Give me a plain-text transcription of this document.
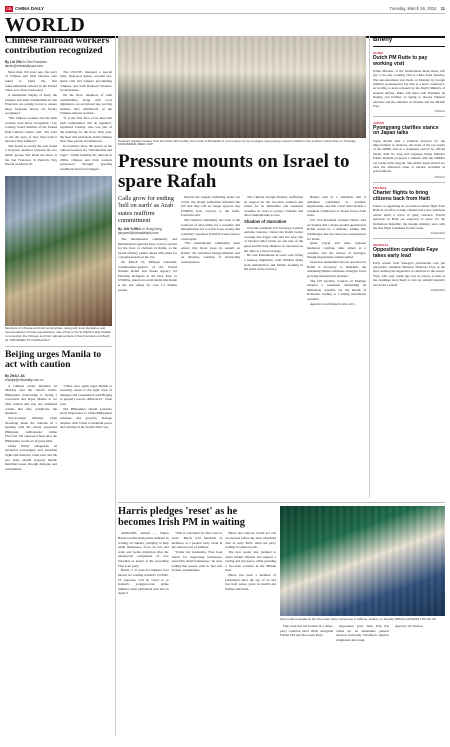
CD CHINA DAILY	Tuesday, March 26, 2024 11
WORLD
Chinese railroad workers' contribution recognized
By LIA ZHU in San Francisco
liazhu@chinadailyusa.com

More than 150 years ago, the story of Chinese and Irish laborers who toiled to build the first transcontinental railroad in the United States was often overlooked.

A remarkable display of unity: the Chinese and Irish communities in San Francisco are joining forces to ensure those forgotten heroes are finally recognized.

"The Chinese workers and the Irish workers were never recognized," Leo Cassidy, board member of the United Irish Cultural Center, said. "We want to tell the story of how they built it and how they suffered."

The dream to rectify the past found a receptive audience between the two ethnic groups that made the show at the San Francisco St Patrick's Day Parade on March 16.

The UICCSF, designed a special train, displayed spikes, wooden ties, metal rails and banners proclaiming 'Chinese and Irish Railroad Workers' in celebration.

On the float, members of both communities, along with local dignitaries, sat on railroad ties, waving bamboo hats reminiscent of the Chinese railroad workers.

"It is the first float of its kind that both communities will do together," explained Cassidy, who was part of the planning for the float. Next year, the float will participate in the Chinese New Year parade in Chinatown.

In Cassidy's view, the stories of the railroad workers are "unbelievable and tragic". While building the railroad in 1860s, Chinese and Irish workers persevered through grueling conditions and faced dangers.

Members of Chinese and Irish communities, along with local dignitaries and representatives of local organizations, ride a float in the St Patrick's Day Parade to remember the Chinese and Irish railroad workers in San Francisco on March 16. PROVIDED TO CHINA DAILY
Beijing urges Manila to act with caution
By ZHAO JIA
zhaojia@chinadaily.com.cn

A Chinese senior diplomat on Monday said the current China-Philippines relationship is facing a crossroads and urged Manila to act with caution and stop any unilateral actions that may complicate the situation.

Vice-Foreign Minister Chen Xiaodong made the remarks in a meeting with the newly appointed Philippine Ambassador Jaime FlorCruz. He expressed hope that the Philippines would act in good faith.

China firmly safeguards its territorial sovereignty and maritime rights and interests, Chen said, and the two sides should properly handle maritime issues through dialogue and consultation.

"China once again urges Manila to earnestly return to the right track of dialogue and consultation with Beijing to properly resolve differences," Chen said.

The Philippines should seriously study importance to China-Philippines relations and properly manage disputes with China to maintain peace and stability in the South China Sea.

Pregnant Ingaben Ismael, their first child, with rooftop, the month of Ramadan in a tent camp run by a refugee camp along a street in Rafah in the southern Gaza Strip on Thursday. MOHAMMED ABED / AFP
Pressure mounts on Israel to spare Rafah
Calls grow for ending 'hell on earth' as Arab states reaffirm commitment
By JAN YUMUL in Hong Kong
janyumul@chinadailyhk.com

The international community and humanitarian agencies have voiced concern for the lives of civilians in Rafah, as the Israeli military pushes ahead with plans for a ground assault on the city.

On March 16, Philippe Lazzarini, commissioner-general of the United Nations Relief and Works Agency for Palestine Refugees in the Near East, or UNRWA, shared on social media that Rafah is the last refuge for over 1.5 million people.

Despite the tragedy unfolding under our watch, the Israeli authorities informed the UN that they will no longer approve any UNRWA food convoys to the north, Lazzarini said.

The Chinese community has been at the forefront of advocating for a ceasefire and humanitarian aid to reach Gaza, noting that a military operation in Rafah would lead to catastrophe.

"The international community must ensure that Israel stops its assault on Rafah," the Jordanian foreign minister said on Monday, warning of devastating consequences.

The Chinese foreign ministry reaffirmed its support for the two-state solution and called for an immediate and sustained ceasefire in Gaza to protect civilians and allow humanitarian access.

Shadow of starvation

Over the weekend, UN Secretary-General Antonio Guterres visited the Rafah border crossing into Egypt and said the long line of blocked relief trucks on one side of the gates and the long shadows of starvation on the other is a moral outrage.

He said Palestinians in Gaza were living a nonstop nightmare, with children dying from malnutrition and famine looming in the north of the territory.

Hamas said in a statement that it remained committed to ceasefire negotiations, and that a deal must include a complete withdrawal of Israeli forces from Gaza.

UN Vice-President Kamala Harris said on Sunday that a major ground operation in Rafah would be a mistake, adding that Washington has not ruled out consequences for Israel.

Qatar, Egypt and other regional mediators continue talks aimed at a ceasefire and the release of hostages, though negotiations remain stalled.

Israel has maintained that its operation in Rafah is necessary to dismantle the remaining Hamas battalions, though it faces growing international pressure.

The UN Security Council on Monday adopted a resolution demanding an immediate ceasefire for the month of Ramadan, leading to a lasting sustainable ceasefire.

Agencies contributed to this story.

Harris pledges 'reset' as he becomes Irish PM in waiting

ATHLONE, Ireland — Simon Harris became Irish prime minister in waiting on Sunday, pledging to help small businesses, focus on law and order and tackle migration after the unexpected resignation of Leo Varadkar as leader of the governing Fine Gael party.

Harris, a 37-year-old minister best known for leading Ireland's COVID-19 response, will be voted in as Ireland's youngest-ever prime minister when parliament next sits on April 9.

"This is a moment for Fine Gael to reset," Harris told hundreds of members at a packed party event in the central town of Athlone.

"Under my leadership, Fine Gael stands for supporting businesses, especially small businesses," he said, adding that people want to feel safe in their communities.

Harris also said he would not call an election before the next scheduled date in early 2025, amid the party trailing in opinion polls.

The new leader also pledged to stand behind Ukraine and support a lasting and just peace, while pursuing a two-state solution in the Middle East.

Harris has been a member of parliament since the age of 24 and has held senior posts in health and further education.

Simon Harris speaks at the Fine Gael party conference in Athlone, Ireland, on Sunday. BRIAN LAWLESS / PA VIA AP

Fine Gael has led Ireland in a three-party coalition since 2020, alongside Fianna Fail and the Green Party.

Opposition party Sinn Fein has called for an immediate general election following Varadkar's surprise resignation last week.

Agencies via Xinhua

Briefly
CHINA
Dutch PM Rutte to pay working visit
Prime Minister of the Netherlands Mark Rutte will pay a two-day working visit to China from Tuesday. The announcement was made on Monday by foreign ministry spokesperson Lin Jian at a news conference. According to news released by the Dutch Ministry of General Affairs, Rutte will meet with President Xi Jinping and Premier Li Qiang to discuss bilateral relations and the situation in Ukraine and the Middle East.
XINHUA
JAPAN
Pyongyang clarifies stance on Japan talks
Japan should take a political decision for the improvement of relations, the sister of the top leader of the DPRK said in a statement carried by official media. Kim Yo Jong said Japanese Prime Minister Fumio Kishida proposed a summit with the DPRK's top leader Kim Jong-un. She added Japan should not raise the abduction issue or nuclear problems as preconditions.
XINHUA
FRANCE
Charter flights to bring citizens back from Haiti
France is organizing an evacuation charter flight from Haiti in an effort to help citizens leave the Caribbean nation amid a wave of gang violence. French nationals in Haiti are expected to leave via the Dominican Republic, the foreign ministry said, with the first flight scheduled for this week.
AGENCIES
SENEGAL
Opposition candidate Faye takes early lead
Early results from Senegal's presidential vote put opposition candidate Bassirou Diomaye Faye in the lead, sending his supporters to celebrate in the streets. Faye, who only weeks ago was in prison, is seen as the candidate most likely to win an outright majority and avoid a runoff.
AGENCIES
